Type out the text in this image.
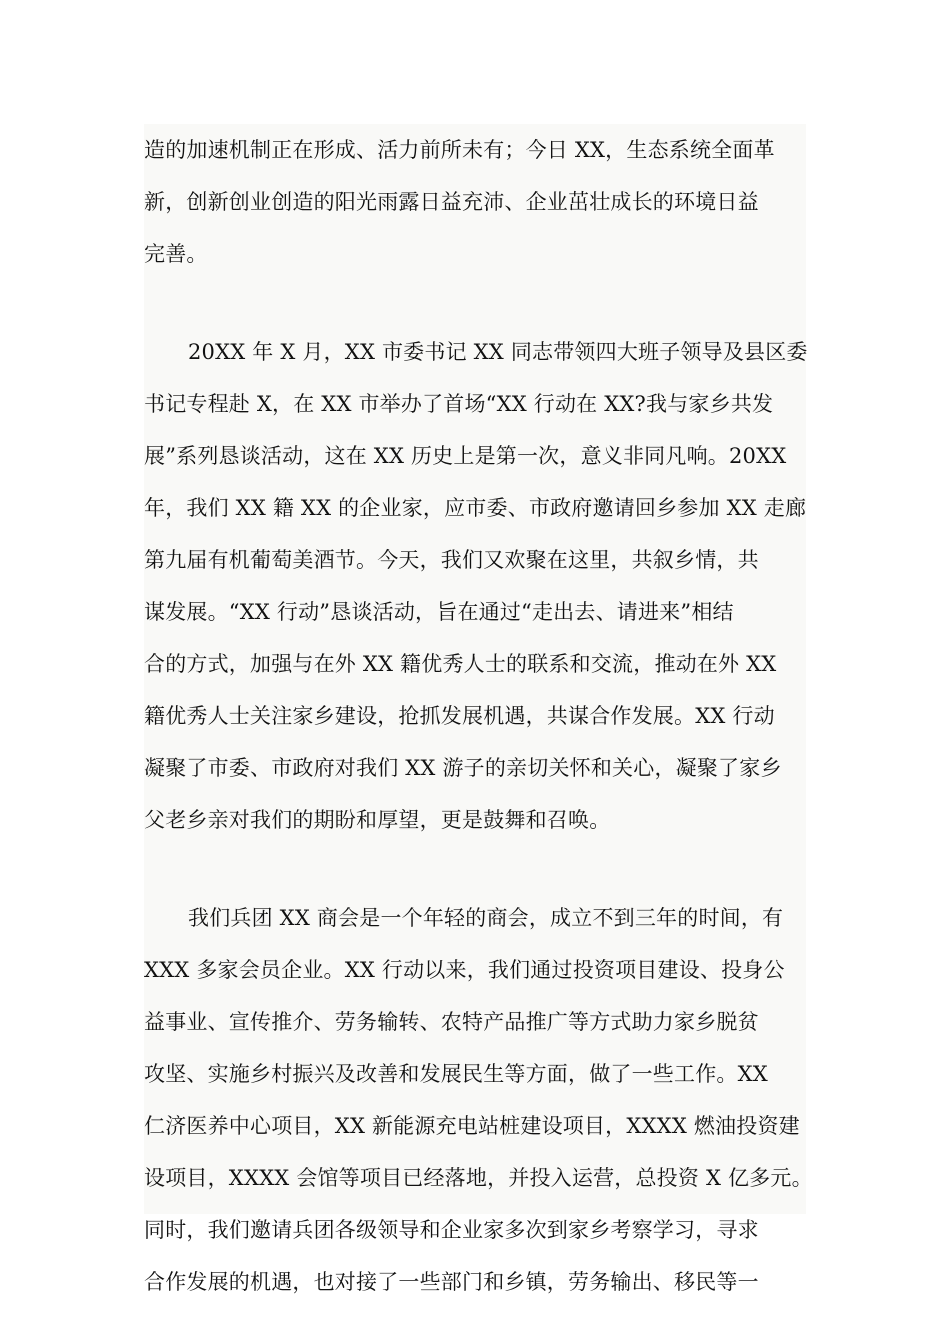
造的加速机制正在形成、活力前所未有；今日 XX，生态系统全面革
新，创新创业创造的阳光雨露日益充沛、企业茁壮成长的环境日益
完善。
20XX 年 X 月，XX 市委书记 XX 同志带领四大班子领导及县区委
书记专程赴 X，在 XX 市举办了首场“XX 行动在 XX?我与家乡共发
展”系列恳谈活动，这在 XX 历史上是第一次，意义非同凡响。20XX
年，我们 XX 籍 XX 的企业家，应市委、市政府邀请回乡参加 XX 走廊
第九届有机葡萄美酒节。今天，我们又欢聚在这里，共叙乡情，共
谋发展。“XX 行动”恳谈活动，旨在通过“走出去、请进来”相结
合的方式，加强与在外 XX 籍优秀人士的联系和交流，推动在外 XX
籍优秀人士关注家乡建设，抢抓发展机遇，共谋合作发展。XX 行动
凝聚了市委、市政府对我们 XX 游子的亲切关怀和关心，凝聚了家乡
父老乡亲对我们的期盼和厚望，更是鼓舞和召唤。
我们兵团 XX 商会是一个年轻的商会，成立不到三年的时间，有
XXX 多家会员企业。XX 行动以来，我们通过投资项目建设、投身公
益事业、宣传推介、劳务输转、农特产品推广等方式助力家乡脱贫
攻坚、实施乡村振兴及改善和发展民生等方面，做了一些工作。XX
仁济医养中心项目，XX 新能源充电站桩建设项目，XXXX 燃油投资建
设项目，XXXX 会馆等项目已经落地，并投入运营，总投资 X 亿多元。
同时，我们邀请兵团各级领导和企业家多次到家乡考察学习，寻求
合作发展的机遇，也对接了一些部门和乡镇，劳务输出、移民等一
